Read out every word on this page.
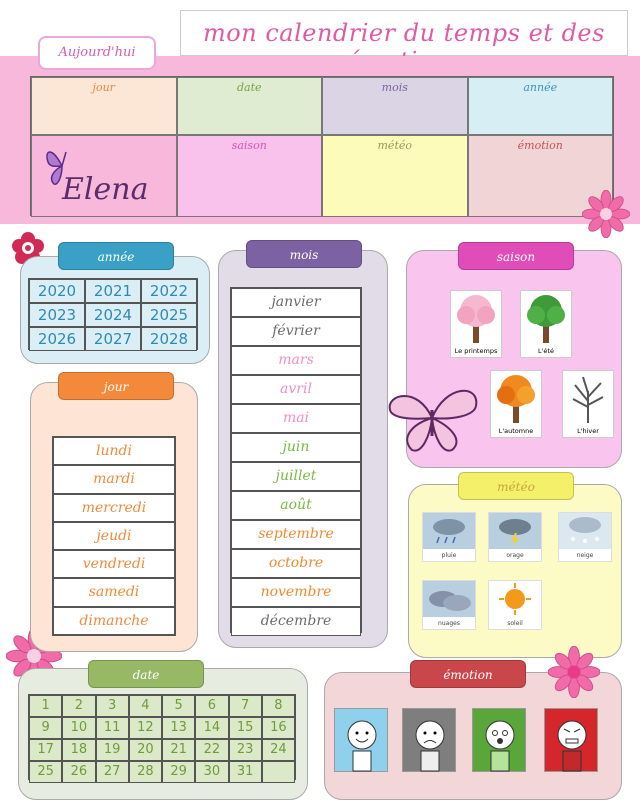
mon calendrier du temps et des
Aujourd'hui
jour	date	mois	année
Elena
saison	météo	émotion
année
2020	2021	2022
2023	2024	2025
2026	2027	2028
jour
lundi
mardi
mercredi
jeudi
vendredi
samedi
dimanche
mois
janvier
février
mars
avril
mai
juin
juillet
août
septembre
octobre
novembre
décembre
saison
Le printemps	L'été
L'automne	L'hiver
météo
pluie	orage	neige
nuages	soleil
date
1	2	3	4	5	6	7	8
9	10	11	12	13	14	15	16
17	18	19	20	21	22	23	24
25	26	27	28	29	30	31
émotion
